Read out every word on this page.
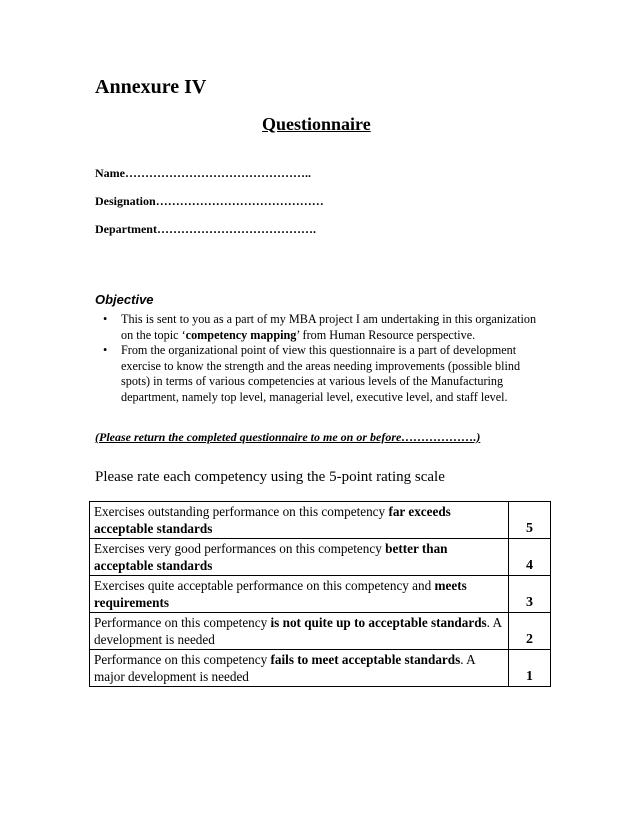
Annexure IV
Questionnaire
Name………………………………………..
Designation……………………………………
Department………………………………….
Objective
• This is sent to you as a part of my MBA project I am undertaking in this organization on the topic ‘competency mapping’ from Human Resource perspective.
• From the organizational point of view this questionnaire is a part of development exercise to know the strength and the areas needing improvements (possible blind spots) in terms of various competencies at various levels of the Manufacturing department, namely top level, managerial level, executive level, and staff level.
(Please return the completed questionnaire to me on or before……………….)
Please rate each competency using the 5-point rating scale
Exercises outstanding performance on this competency far exceeds acceptable standards	5
Exercises very good performances on this competency better than acceptable standards	4
Exercises quite acceptable performance on this competency and meets requirements	3
Performance on this competency is not quite up to acceptable standards. A development is needed	2
Performance on this competency fails to meet acceptable standards. A major development is needed	1
